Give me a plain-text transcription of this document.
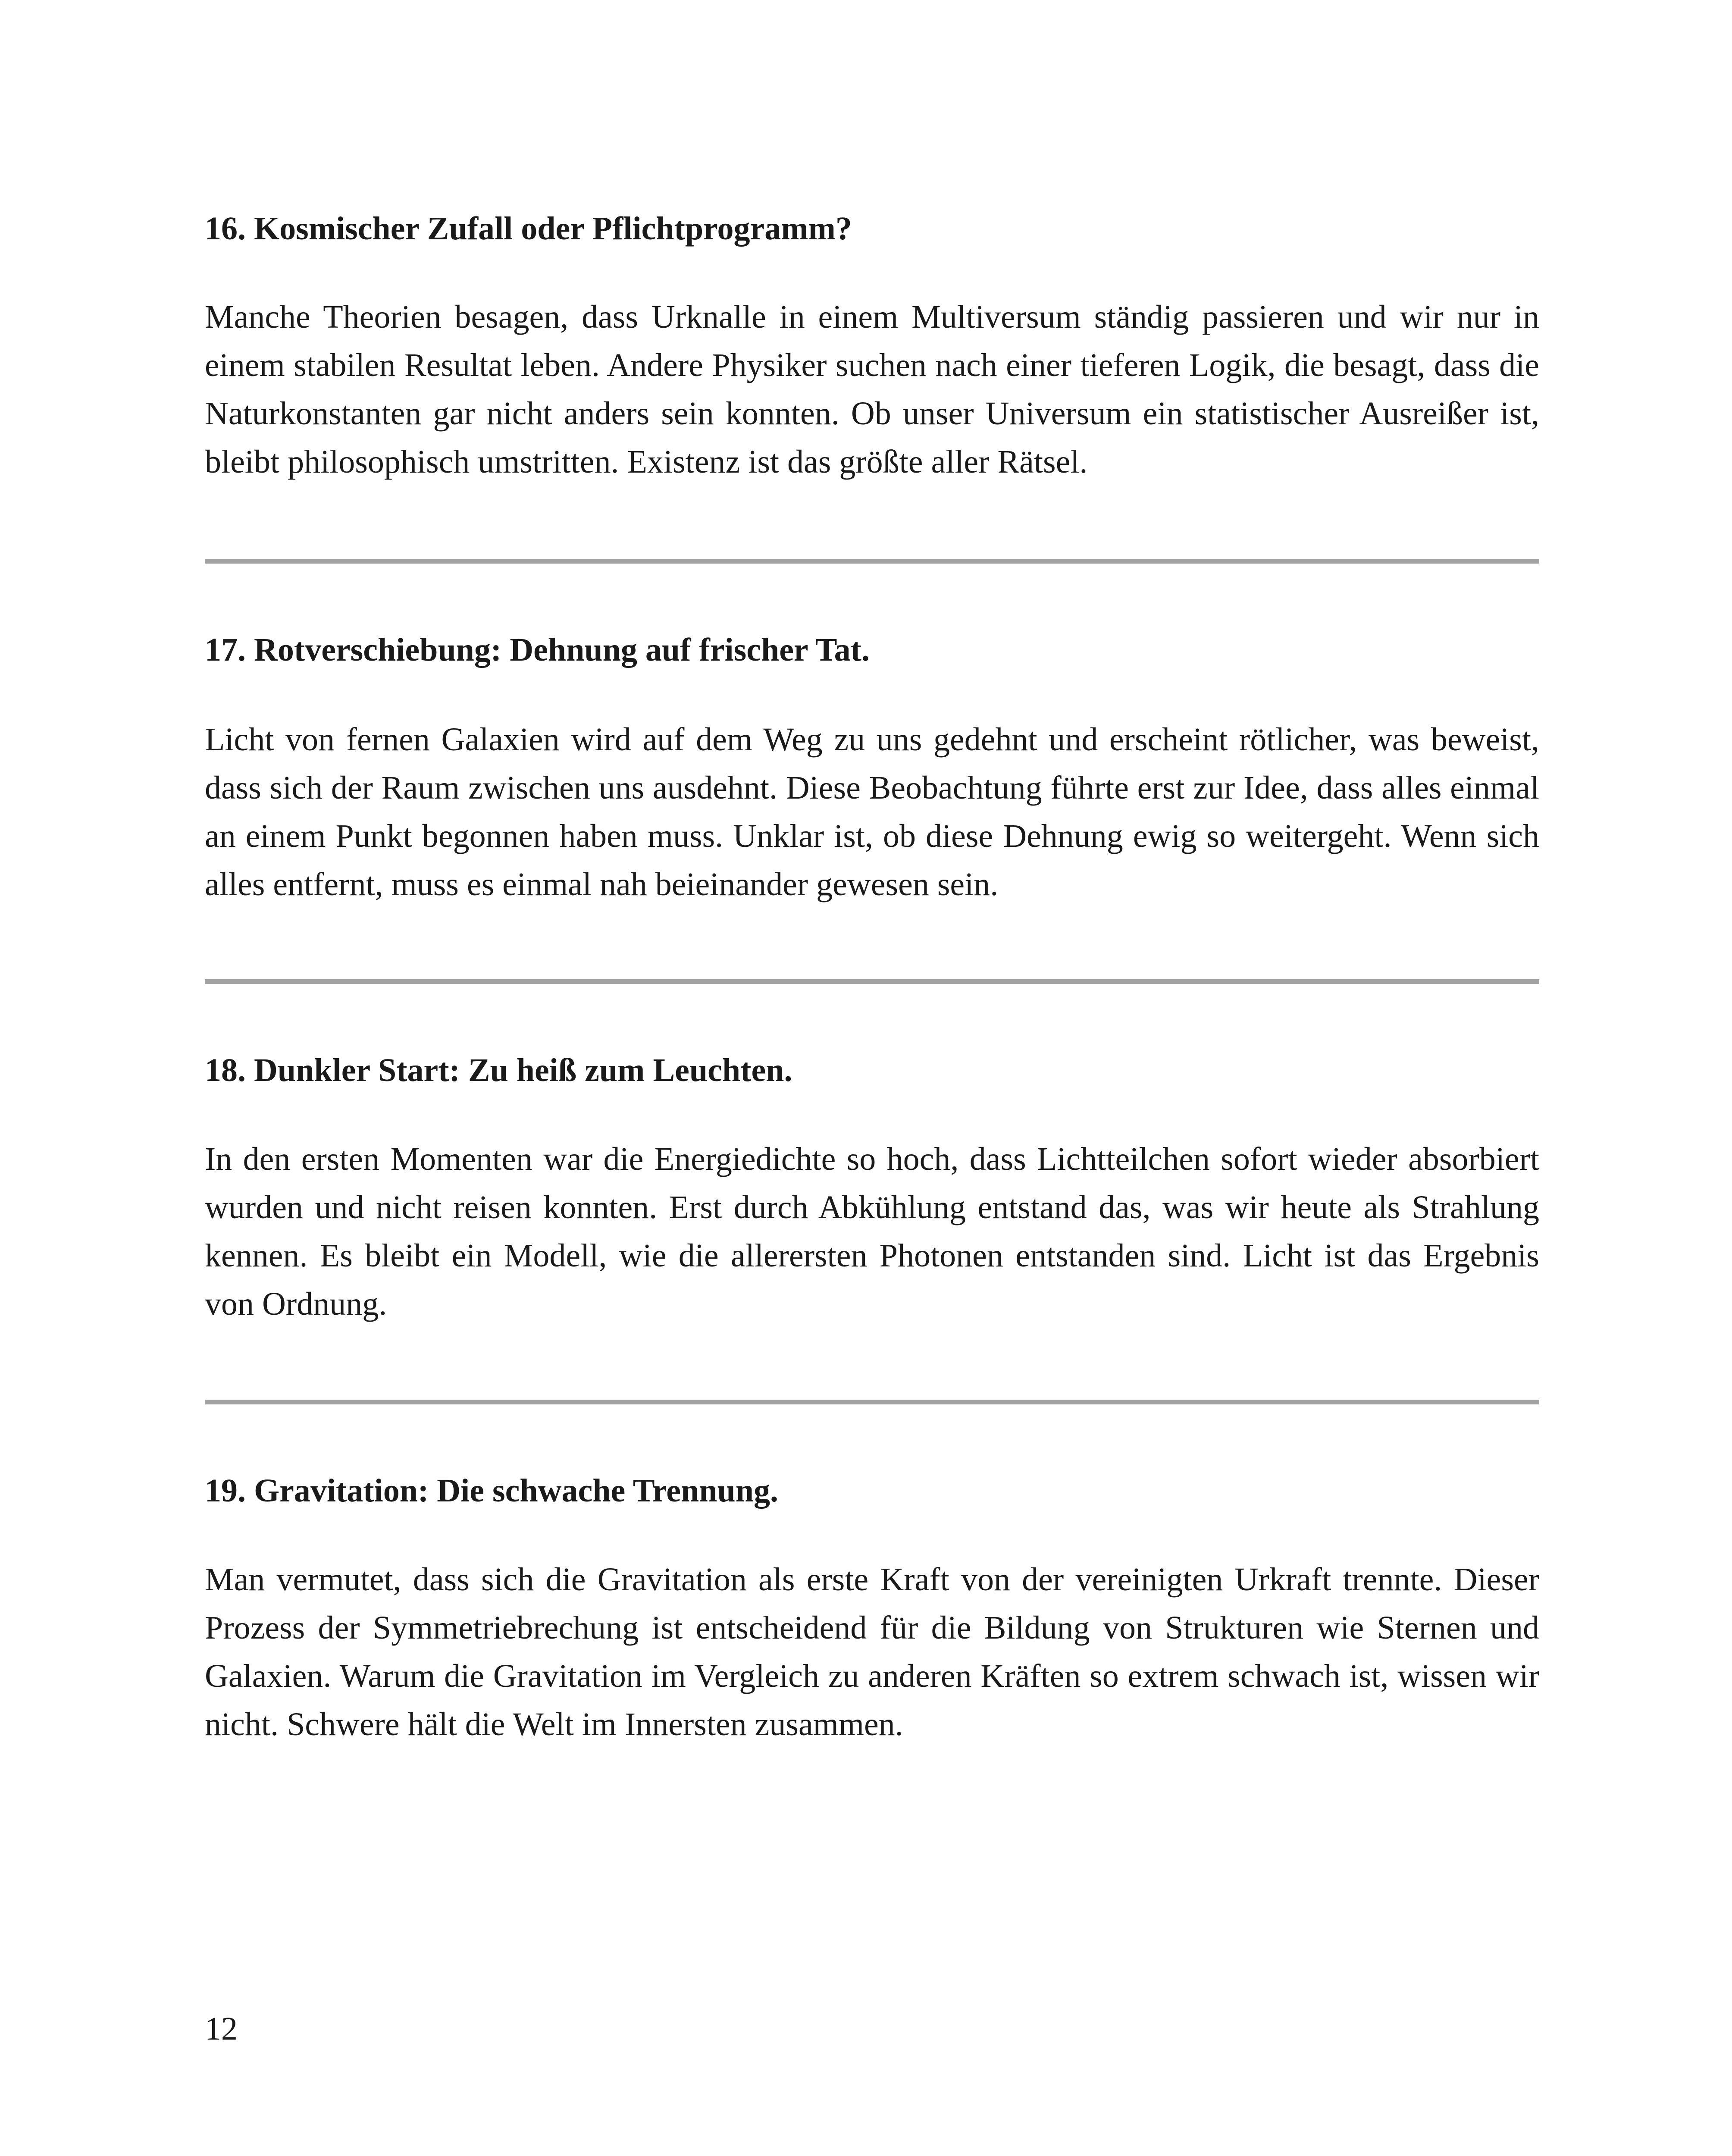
16. Kosmischer Zufall oder Pflichtprogramm?

Manche Theorien besagen, dass Urknalle in einem Multiversum ständig passieren und wir nur in einem stabilen Resultat leben. Andere Physiker suchen nach einer tieferen Logik, die besagt, dass die Naturkonstanten gar nicht anders sein konnten. Ob unser Universum ein statistischer Ausreißer ist, bleibt philosophisch umstritten. Existenz ist das größte aller Rätsel.

17. Rotverschiebung: Dehnung auf frischer Tat.

Licht von fernen Galaxien wird auf dem Weg zu uns gedehnt und erscheint rötlicher, was beweist, dass sich der Raum zwischen uns ausdehnt. Diese Beobachtung führte erst zur Idee, dass alles einmal an einem Punkt begonnen haben muss. Unklar ist, ob diese Dehnung ewig so weitergeht. Wenn sich alles entfernt, muss es einmal nah beieinander gewesen sein.

18. Dunkler Start: Zu heiß zum Leuchten.

In den ersten Momenten war die Energiedichte so hoch, dass Lichtteilchen sofort wieder absorbiert wurden und nicht reisen konnten. Erst durch Abkühlung entstand das, was wir heute als Strahlung kennen. Es bleibt ein Modell, wie die allerersten Photonen entstanden sind. Licht ist das Ergebnis von Ordnung.

19. Gravitation: Die schwache Trennung.

Man vermutet, dass sich die Gravitation als erste Kraft von der vereinigten Urkraft trennte. Dieser Prozess der Symmetriebrechung ist entscheidend für die Bildung von Strukturen wie Sternen und Galaxien. Warum die Gravitation im Vergleich zu anderen Kräften so extrem schwach ist, wissen wir nicht. Schwere hält die Welt im Innersten zusammen.

12
